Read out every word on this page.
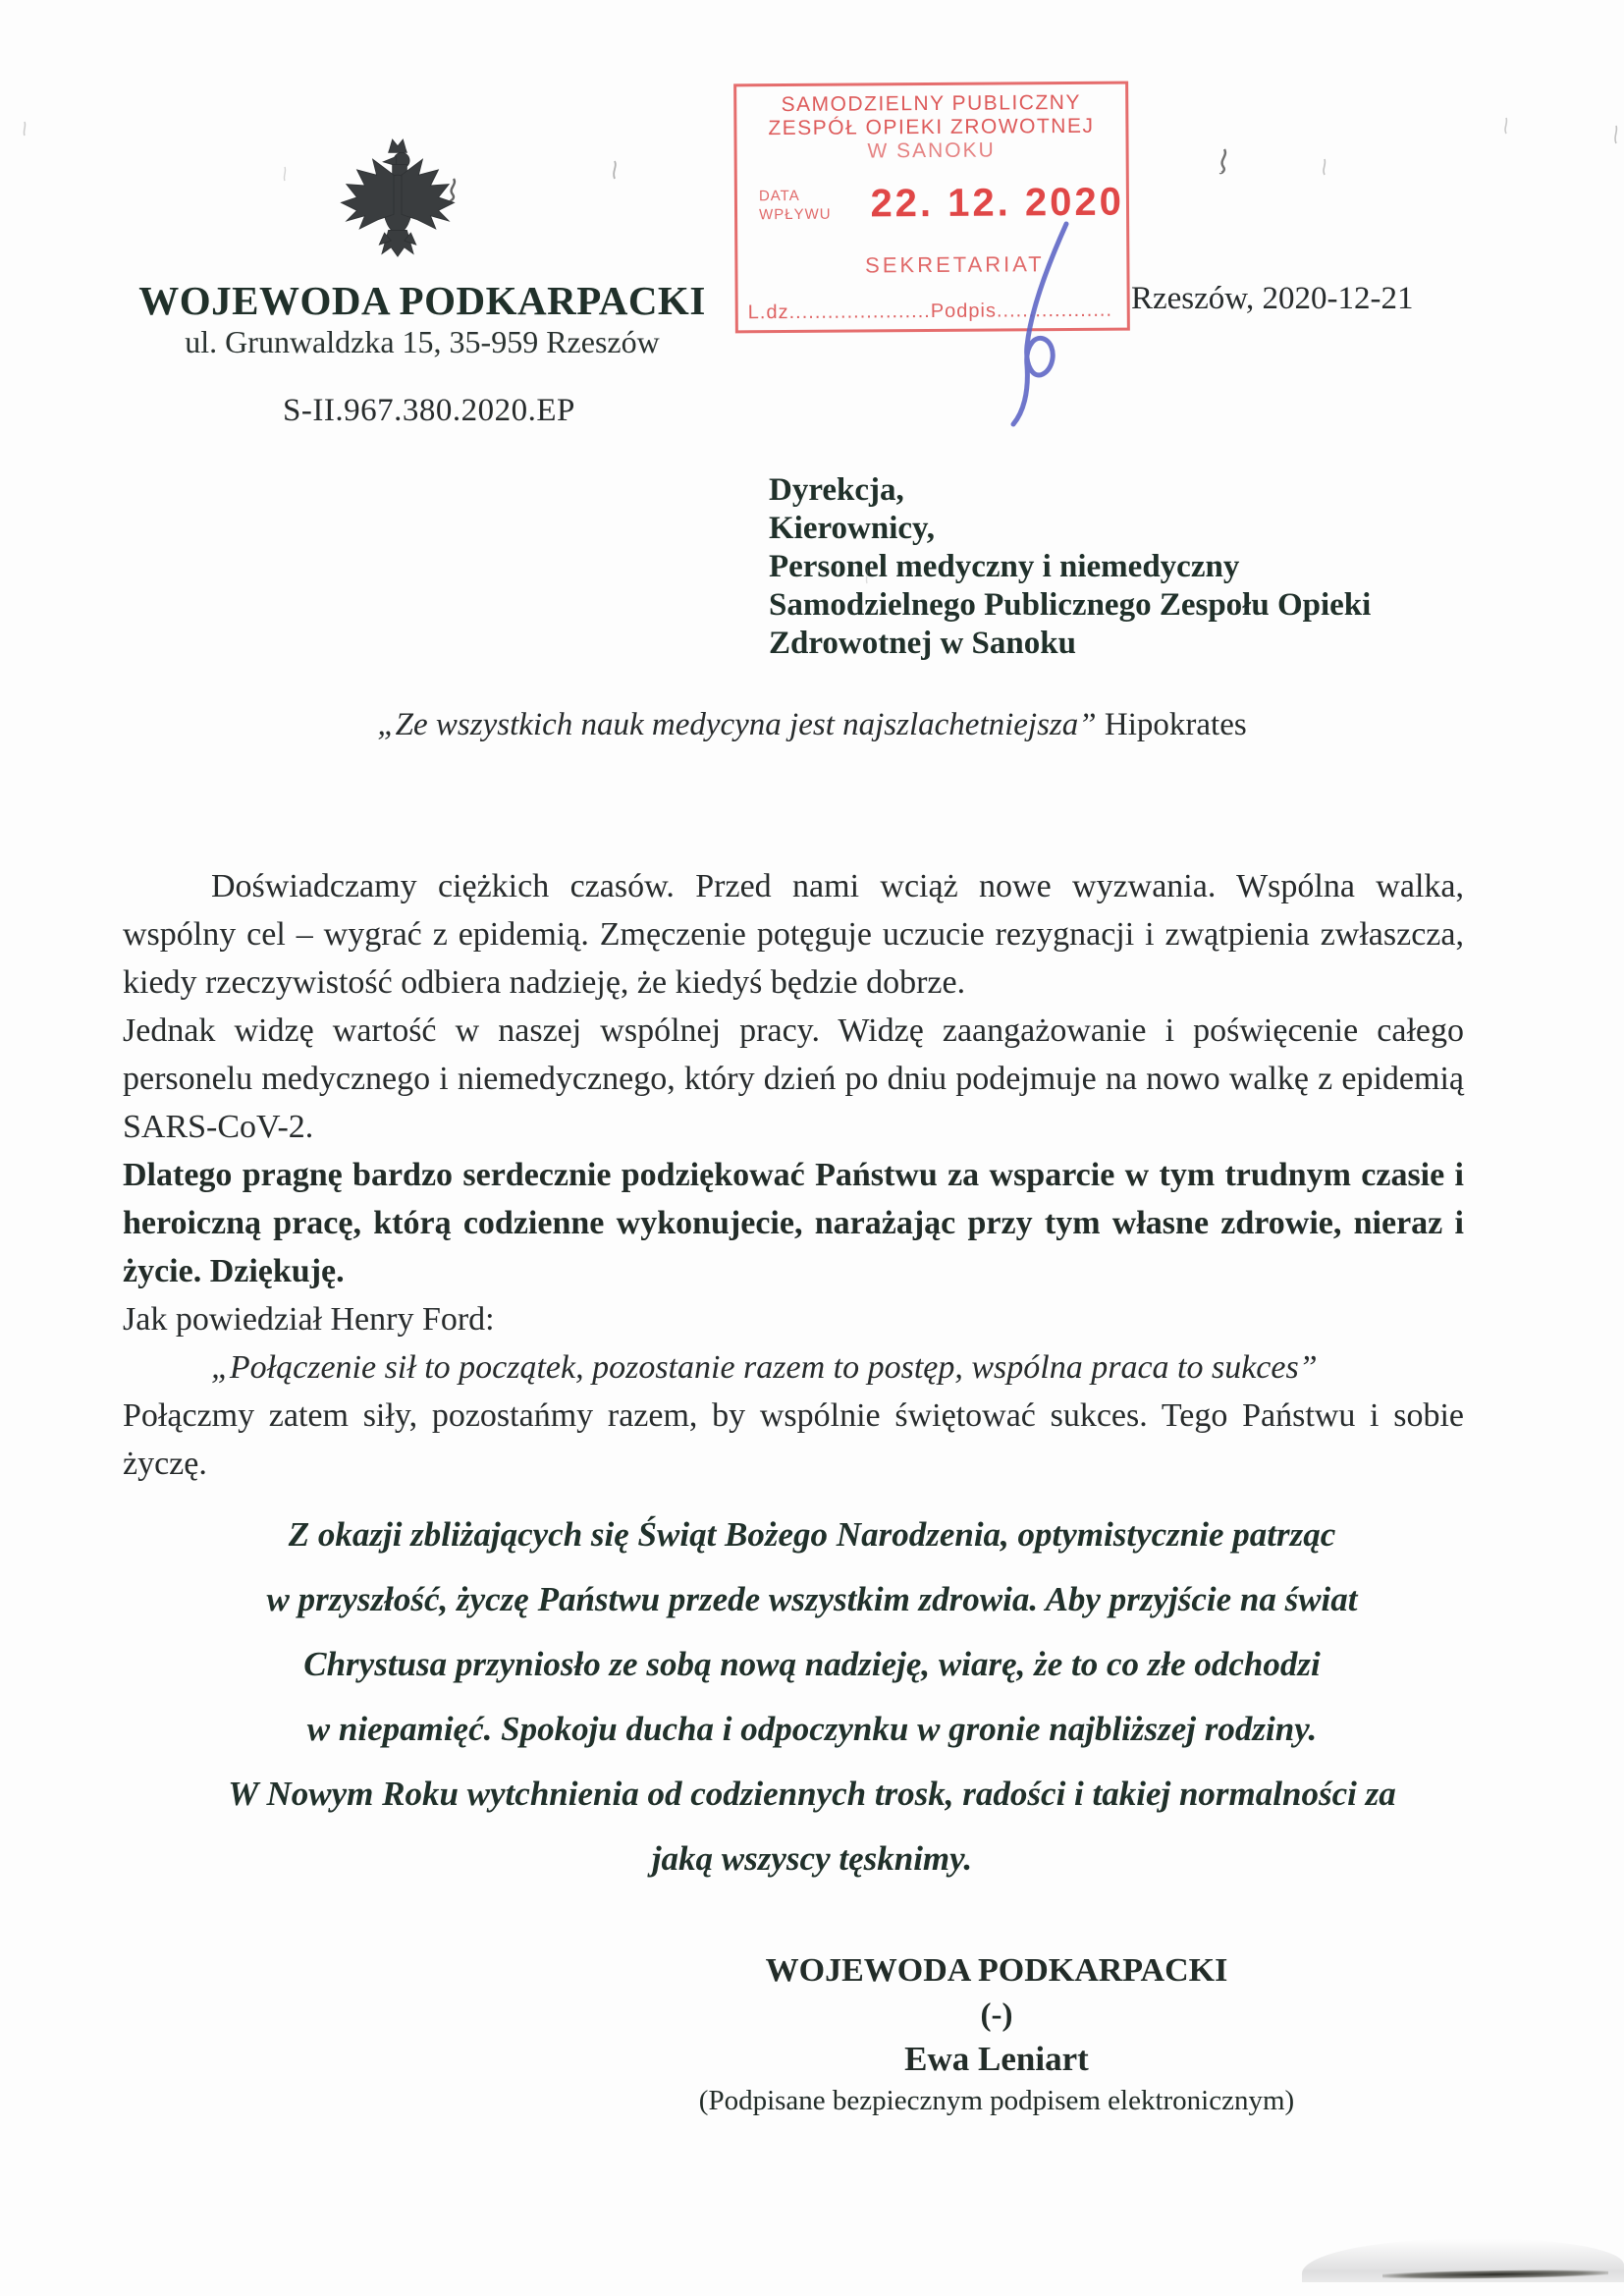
WOJEWODA PODKARPACKI
ul. Grunwaldzka 15, 35-959 Rzeszów
S-II.967.380.2020.EP
Rzeszów, 2020-12-21
SAMODZIELNY PUBLICZNY
ZESPÓŁ OPIEKI ZROWOTNEJ
W SANOKU
DATA
WPŁYWU 22. 12. 2020
SEKRETARIAT
L.dz......................Podpis..................
Dyrekcja,
Kierownicy,
Personel medyczny i niemedyczny
Samodzielnego Publicznego Zespołu Opieki
Zdrowotnej w Sanoku
„Ze wszystkich nauk medycyna jest najszlachetniejsza” Hipokrates

Doświadczamy ciężkich czasów. Przed nami wciąż nowe wyzwania. Wspólna walka, wspólny cel – wygrać z epidemią. Zmęczenie potęguje uczucie rezygnacji i zwątpienia zwłaszcza, kiedy rzeczywistość odbiera nadzieję, że kiedyś będzie dobrze.

Jednak widzę wartość w naszej wspólnej pracy. Widzę zaangażowanie i poświęcenie całego personelu medycznego i niemedycznego, który dzień po dniu podejmuje na nowo walkę z epidemią SARS-CoV-2.

Dlatego pragnę bardzo serdecznie podziękować Państwu za wsparcie w tym trudnym czasie i heroiczną pracę, którą codzienne wykonujecie, narażając przy tym własne zdrowie, nieraz i życie. Dziękuję.

Jak powiedział Henry Ford:

„Połączenie sił to początek, pozostanie razem to postęp, wspólna praca to sukces”

Połączmy zatem siły, pozostańmy razem, by wspólnie świętować sukces. Tego Państwu i sobie życzę.

Z okazji zbliżających się Świąt Bożego Narodzenia, optymistycznie patrząc
w przyszłość, życzę Państwu przede wszystkim zdrowia. Aby przyjście na świat
Chrystusa przyniosło ze sobą nową nadzieję, wiarę, że to co złe odchodzi
w niepamięć. Spokoju ducha i odpoczynku w gronie najbliższej rodziny.
W Nowym Roku wytchnienia od codziennych trosk, radości i takiej normalności za
jaką wszyscy tęsknimy.
WOJEWODA PODKARPACKI
(-)
Ewa Leniart
(Podpisane bezpiecznym podpisem elektronicznym)
